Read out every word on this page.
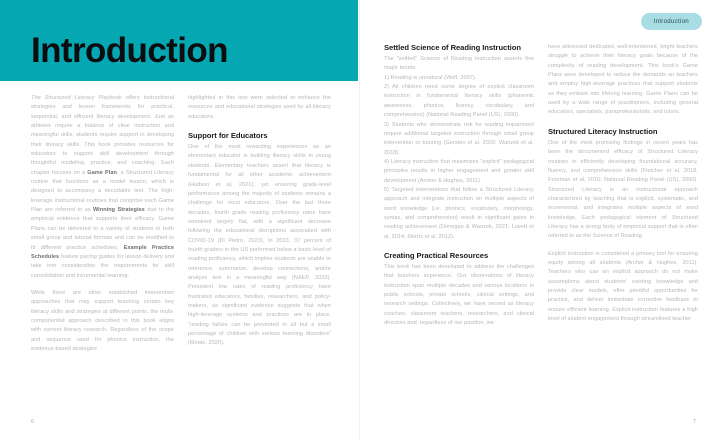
Introduction

The Structured Literacy Playbook offers instructional strategies and lesson frameworks for practical, sequential, and efficient literacy development. Just as athletes require a balance of clear instruction and meaningful drills, students require support in developing their literacy skills. This book provides resources for educators to support skill development through thoughtful modeling, practice, and coaching. Each chapter focuses on a Game Plan, a Structured Literacy routine that functions as a model lesson, which is designed to accompany a decodable text. The high-leverage instructional routines that comprise each Game Plan are referred to as Winning Strategies due to the empirical evidence that supports their efficacy. Game Plans can be delivered to a variety of students in both small group and tutorial formats and can be modified to fit different practice schedules. Example Practice Schedules feature pacing guides for lesson delivery and take into consideration the requirements for skill consolidation and incremental learning.

While there are other established intervention approaches that may support teaching certain key literacy skills and strategies at different points, the multi-componential approach described in this book aligns with current literacy research. Regardless of the scope and sequence used for phonics instruction, the evidence-based strategies

highlighted in this text were selected to enhance the resources and educational strategies used by all literacy educators.

Support for Educators

One of the most rewarding experiences as an elementary educator is building literacy skills in young students. Elementary teachers assert that literacy is fundamental for all other academic achievement (Hudson et al, 2021), yet ensuring grade-level performance among the majority of students remains a challenge for most educators. Over the last three decades, fourth grade reading proficiency rates have remained largely flat, with a significant decrease following the educational disruptions associated with COVID-19 (Di Pietro, 2023). In 2023, 37 percent of fourth graders in the US performed below a basic level of reading proficiency, which implies students are unable to reference, summarize, develop connections, and/or analyze text in a meaningful way (NAEP, 2023). Persistent low rates of reading proficiency have frustrated educators, families, researchers, and policy-makers, as significant evidence suggests that when high-leverage systems and practices are in place, “reading failure can be prevented in all but a small percentage of children with serious learning disorders” (Moats, 2020).

6
Introduction
Settled Science of Reading Instruction

The “settled” Science of Reading instruction asserts five major tenets:

1) Reading is unnatural (Wolf, 2007).

2) All children need some degree of explicit classroom instruction in fundamental literacy skills (phonemic awareness, phonics, fluency, vocabulary, and comprehension) (National Reading Panel (US), 2000).

3) Students who demonstrate risk for reading impairment require additional targeted instruction through small group intervention or tutoring (Gersten et al, 2020; Wanzek et al, 2018).

4) Literacy instruction that maximizes “explicit” pedagogical principles results in higher engagement and greater skill development (Archer & Hughes, 2011).

5) Targeted interventions that follow a Structured Literacy approach and integrate instruction on multiple aspects of word knowledge (i.e. phonics, vocabulary, morphology, syntax, and comprehension) result in significant gains in reading achievement (Donegan & Wanzek, 2021; Lovett et al, 2014; Morris et al, 2012).

Creating Practical Resources

This book has been developed to address the challenges that teachers experience. Our observations of literacy instruction span multiple decades and various locations in public schools, private schools, clinical settings, and research settings. Collectively, we have served as literacy coaches, classroom teachers, researchers, and clinical directors and, regardless of our position, we

have witnessed dedicated, well-intentioned, bright teachers struggle to achieve their literacy goals because of the complexity of reading development. This book’s Game Plans were developed to reduce the demands on teachers and employ high-leverage practices that support students as they embark into lifelong learning. Game Plans can be used by a wide range of practitioners, including general educators, specialists, paraprofessionals, and tutors.

Structured Literacy Instruction

One of the most promising findings in recent years has been the documented efficacy of Structured Literacy routines in efficiently developing foundational accuracy, fluency, and comprehension skills (Fletcher et al, 2018; Foorman et al, 2016; National Reading Panel (US), 2000). Structured Literacy is an instructional approach characterized by teaching that is explicit, systematic, and incremental, and integrates multiple aspects of word knowledge. Each pedagogical element of Structured Literacy has a strong body of empirical support that is often referred to as the Science of Reading.

Explicit instruction is considered a primary tool for ensuring equity among all students (Archer & Hughes, 2011). Teachers who use an explicit approach do not make assumptions about students’ existing knowledge and provide clear models, offer plentiful opportunities for practice, and deliver immediate corrective feedback to ensure efficient learning. Explicit instruction features a high level of student engagement through streamlined teacher

7
